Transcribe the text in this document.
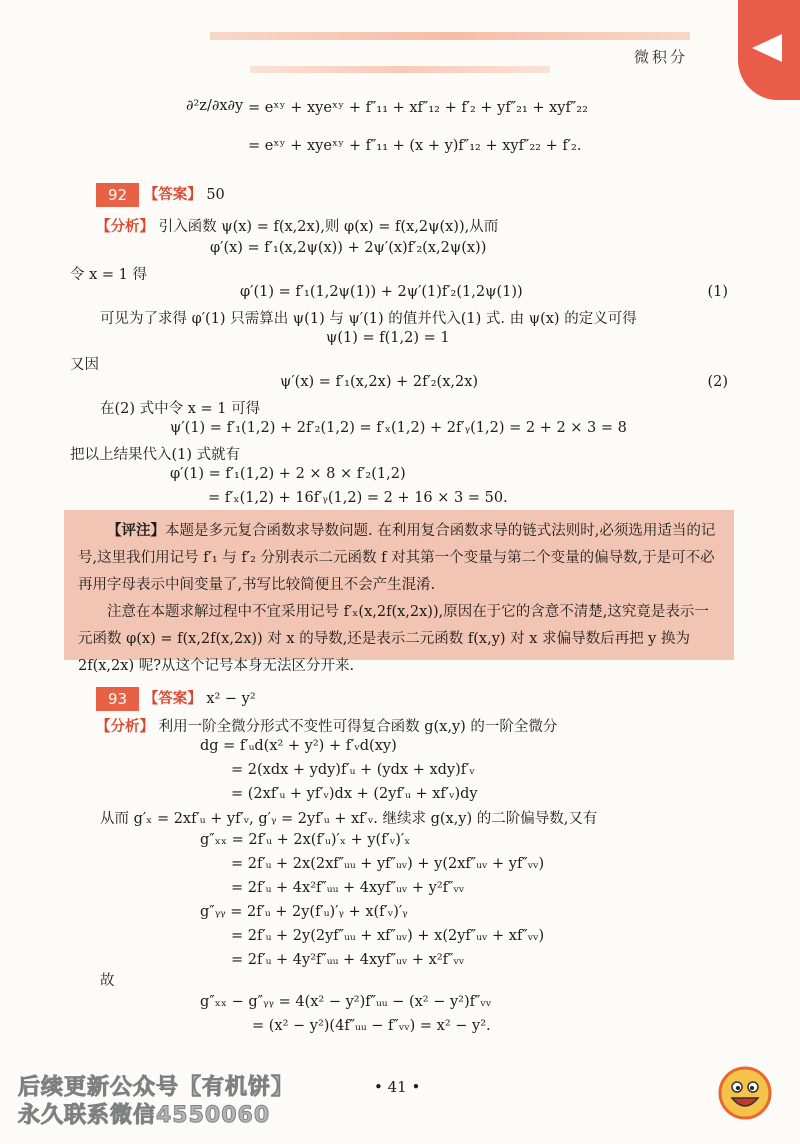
微积分
∂²z/∂x∂y = eˣʸ + xyeˣʸ + f″₁₁ + xf″₁₂ + f′₂ + yf″₂₁ + xyf″₂₂
= eˣʸ + xyeˣʸ + f″₁₁ + (x + y)f″₁₂ + xyf″₂₂ + f′₂.
92 【答案】 50
【分析】 引入函数 ψ(x) = f(x,2x),则 φ(x) = f(x,2ψ(x)),从而
φ′(x) = f′₁(x,2ψ(x)) + 2ψ′(x)f′₂(x,2ψ(x))
令 x = 1 得
φ′(1) = f′₁(1,2ψ(1)) + 2ψ′(1)f′₂(1,2ψ(1))	(1)
可见为了求得 φ′(1) 只需算出 ψ(1) 与 ψ′(1) 的值并代入(1) 式. 由 ψ(x) 的定义可得
ψ(1) = f(1,2) = 1
又因
ψ′(x) = f′₁(x,2x) + 2f′₂(x,2x)	(2)
在(2) 式中令 x = 1 可得
ψ′(1) = f′₁(1,2) + 2f′₂(1,2) = f′ₓ(1,2) + 2f′ᵧ(1,2) = 2 + 2 × 3 = 8
把以上结果代入(1) 式就有
φ′(1) = f′₁(1,2) + 2 × 8 × f′₂(1,2)
= f′ₓ(1,2) + 16f′ᵧ(1,2) = 2 + 16 × 3 = 50.

【评注】本题是多元复合函数求导数问题. 在利用复合函数求导的链式法则时,必须选用适当的记号,这里我们用记号 f′₁ 与 f′₂ 分别表示二元函数 f 对其第一个变量与第二个变量的偏导数,于是可不必再用字母表示中间变量了,书写比较简便且不会产生混淆.

注意在本题求解过程中不宜采用记号 f′ₓ(x,2f(x,2x)),原因在于它的含意不清楚,这究竟是表示一元函数 φ(x) = f(x,2f(x,2x)) 对 x 的导数,还是表示二元函数 f(x,y) 对 x 求偏导数后再把 y 换为 2f(x,2x) 呢?从这个记号本身无法区分开来.

93 【答案】 x² − y²
【分析】 利用一阶全微分形式不变性可得复合函数 g(x,y) 的一阶全微分
dg = f′ᵤd(x² + y²) + f′ᵥd(xy)
= 2(xdx + ydy)f′ᵤ + (ydx + xdy)f′ᵥ
= (2xf′ᵤ + yf′ᵥ)dx + (2yf′ᵤ + xf′ᵥ)dy
从而 g′ₓ = 2xf′ᵤ + yf′ᵥ, g′ᵧ = 2yf′ᵤ + xf′ᵥ. 继续求 g(x,y) 的二阶偏导数,又有
g″ₓₓ = 2f′ᵤ + 2x(f′ᵤ)′ₓ + y(f′ᵥ)′ₓ
= 2f′ᵤ + 2x(2xf″ᵤᵤ + yf″ᵤᵥ) + y(2xf″ᵤᵥ + yf″ᵥᵥ)
= 2f′ᵤ + 4x²f″ᵤᵤ + 4xyf″ᵤᵥ + y²f″ᵥᵥ
g″ᵧᵧ = 2f′ᵤ + 2y(f′ᵤ)′ᵧ + x(f′ᵥ)′ᵧ
= 2f′ᵤ + 2y(2yf″ᵤᵤ + xf″ᵤᵥ) + x(2yf″ᵤᵥ + xf″ᵥᵥ)
= 2f′ᵤ + 4y²f″ᵤᵤ + 4xyf″ᵤᵥ + x²f″ᵥᵥ
故
g″ₓₓ − g″ᵧᵧ = 4(x² − y²)f″ᵤᵤ − (x² − y²)f″ᵥᵥ
= (x² − y²)(4f″ᵤᵤ − f″ᵥᵥ) = x² − y².
• 41 •
后续更新公众号【有机饼】
永久联系微信4550060
